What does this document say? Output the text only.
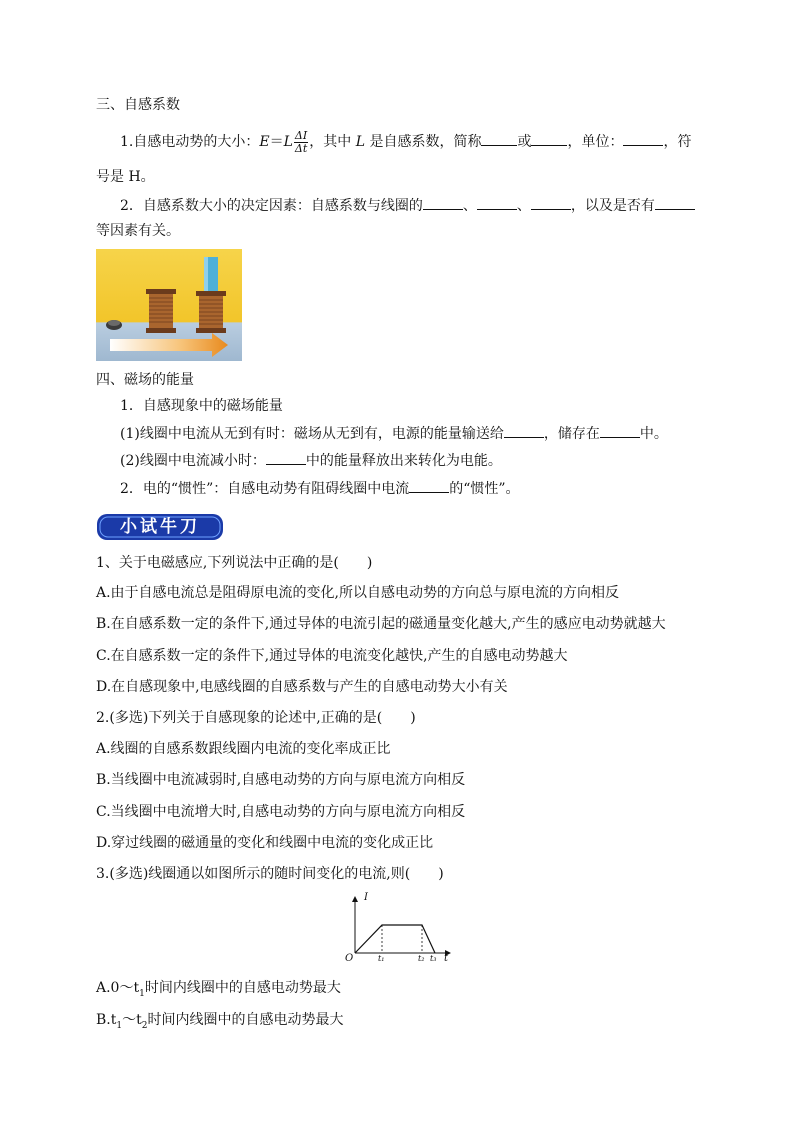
三、自感系数
1.自感电动势的大小：$E=L \frac{\Delta I}{\Delta t}$ ，其中 L 是自感系数，简称	或	，单位：	，符
号是 H。
2．自感系数大小的决定因素：自感系数与线圈的	、	、	，以及是否有
等因素有关。
四、磁场的能量
1．自感现象中的磁场能量
(1)线圈中电流从无到有时：磁场从无到有，电源的能量输送给	，储存在	中。
(2)线圈中电流减小时：	中的能量释放出来转化为电能。
2．电的“惯性”：自感电动势有阻碍线圈中电流	的“惯性”。
小试牛刀
1、关于电磁感应,下列说法中正确的是(　　)
A.由于自感电流总是阻碍原电流的变化,所以自感电动势的方向总与原电流的方向相反
B.在自感系数一定的条件下,通过导体的电流引起的磁通量变化越大,产生的感应电动势就越大
C.在自感系数一定的条件下,通过导体的电流变化越快,产生的自感电动势越大
D.在自感现象中,电感线圈的自感系数与产生的自感电动势大小有关
2.(多选)下列关于自感现象的论述中,正确的是(　　)
A.线圈的自感系数跟线圈内电流的变化率成正比
B.当线圈中电流减弱时,自感电动势的方向与原电流方向相反
C.当线圈中电流增大时,自感电动势的方向与原电流方向相反
D.穿过线圈的磁通量的变化和线圈中电流的变化成正比
3.(多选)线圈通以如图所示的随时间变化的电流,则(　　)
I
t
O	t₁	t₂ t₃
$A.0\sim t_1$时间内线圈中的自感电动势最大
$B.t_1\sim t_2$时间内线圈中的自感电动势最大
